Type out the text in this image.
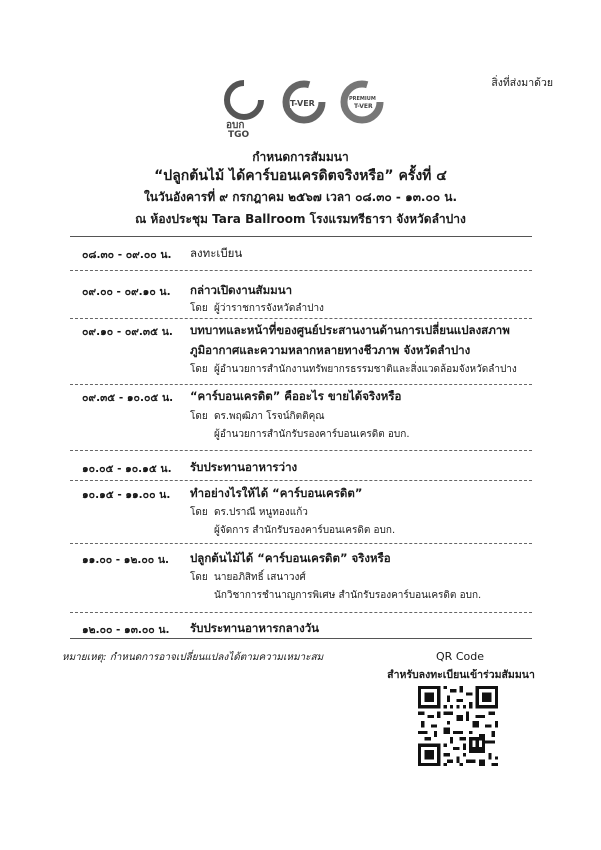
สิ่งที่ส่งมาด้วย
อบก
TGO
T-VER	PREMIUM
T-VER
กำหนดการสัมมนา
“ปลูกต้นไม้ ได้คาร์บอนเครดิตจริงหรือ” ครั้งที่ ๔
ในวันอังคารที่ ๙ กรกฎาคม ๒๕๖๗ เวลา ๐๘.๓๐ - ๑๓.๐๐ น.
ณ ห้องประชุม Tara Ballroom โรงแรมทรีธารา จังหวัดลำปาง
๐๘.๓๐ - ๐๙.๐๐ น. ลงทะเบียน
๐๙.๐๐ - ๐๙.๑๐ น. กล่าวเปิดงานสัมมนา
โดย ผู้ว่าราชการจังหวัดลำปาง
๐๙.๑๐ - ๐๙.๓๕ น. บทบาทและหน้าที่ของศูนย์ประสานงานด้านการเปลี่ยนแปลงสภาพ
ภูมิอากาศและความหลากหลายทางชีวภาพ จังหวัดลำปาง
โดย ผู้อำนวยการสำนักงานทรัพยากรธรรมชาติและสิ่งแวดล้อมจังหวัดลำปาง
๐๙.๓๕ - ๑๐.๐๕ น. “คาร์บอนเครดิต” คืออะไร ขายได้จริงหรือ
โดย ดร.พฤฒิภา โรจน์กิตติคุณ
ผู้อำนวยการสำนักรับรองคาร์บอนเครดิต อบก.
๑๐.๐๕ - ๑๐.๑๕ น. รับประทานอาหารว่าง
๑๐.๑๕ - ๑๑.๐๐ น. ทำอย่างไรให้ได้ “คาร์บอนเครดิต”
โดย ดร.ปราณี หนูทองแก้ว
ผู้จัดการ สำนักรับรองคาร์บอนเครดิต อบก.
๑๑.๐๐ - ๑๒.๐๐ น. ปลูกต้นไม้ได้ “คาร์บอนเครดิต” จริงหรือ
โดย นายอภิสิทธิ์ เสนาวงศ์
นักวิชาการชำนาญการพิเศษ สำนักรับรองคาร์บอนเครดิต อบก.
๑๒.๐๐ - ๑๓.๐๐ น. รับประทานอาหารกลางวัน
หมายเหตุ: กำหนดการอาจเปลี่ยนแปลงได้ตามความเหมาะสม	QR Code
สำหรับลงทะเบียนเข้าร่วมสัมมนา
